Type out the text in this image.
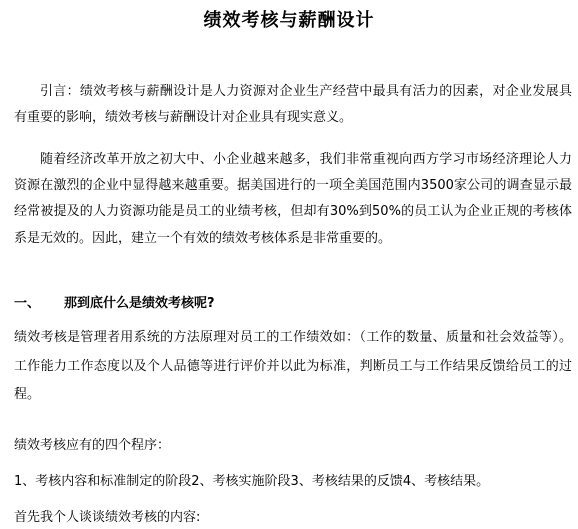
绩效考核与薪酬设计

引言：绩效考核与薪酬设计是人力资源对企业生产经营中最具有活力的因素，对企业发展具有重要的影响，绩效考核与薪酬设计对企业具有现实意义。

随着经济改革开放之初大中、小企业越来越多，我们非常重视向西方学习市场经济理论人力资源在激烈的企业中显得越来越重要。据美国进行的一项全美国范围内3500家公司的调查显示最经常被提及的人力资源功能是员工的业绩考核，但却有30%到50%的员工认为企业正规的考核体系是无效的。因此，建立一个有效的绩效考核体系是非常重要的。

一、 那到底什么是绩效考核呢?

绩效考核是管理者用系统的方法原理对员工的工作绩效如：（工作的数量、质量和社会效益等）。工作能力工作态度以及个人品德等进行评价并以此为标准，判断员工与工作结果反馈给员工的过程。

绩效考核应有的四个程序：
1、考核内容和标准制定的阶段2、考核实施阶段3、考核结果的反馈4、考核结果。
首先我个人谈谈绩效考核的内容:
